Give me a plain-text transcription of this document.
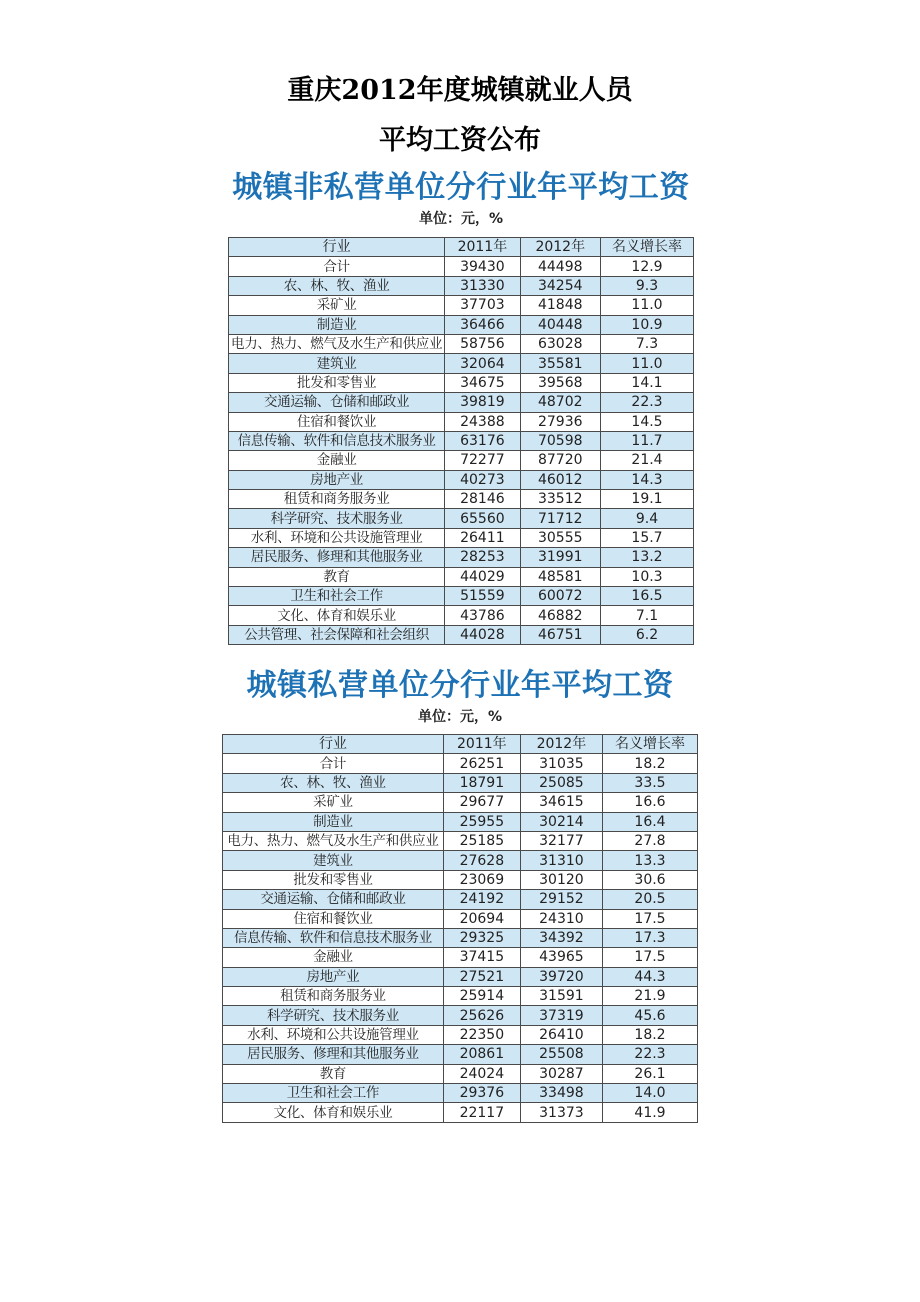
重庆2012年度城镇就业人员
平均工资公布
城镇非私营单位分行业年平均工资
单位：元，%
行业	2011年	2012年	名义增长率
合计	39430	44498	12.9
农、林、牧、渔业	31330	34254	9.3
采矿业	37703	41848	11.0
制造业	36466	40448	10.9
电力、热力、燃气及水生产和供应业	58756	63028	7.3
建筑业	32064	35581	11.0
批发和零售业	34675	39568	14.1
交通运输、仓储和邮政业	39819	48702	22.3
住宿和餐饮业	24388	27936	14.5
信息传输、软件和信息技术服务业	63176	70598	11.7
金融业	72277	87720	21.4
房地产业	40273	46012	14.3
租赁和商务服务业	28146	33512	19.1
科学研究、技术服务业	65560	71712	9.4
水利、环境和公共设施管理业	26411	30555	15.7
居民服务、修理和其他服务业	28253	31991	13.2
教育	44029	48581	10.3
卫生和社会工作	51559	60072	16.5
文化、体育和娱乐业	43786	46882	7.1
公共管理、社会保障和社会组织	44028	46751	6.2
城镇私营单位分行业年平均工资
单位：元，%
行业	2011年	2012年	名义增长率
合计	26251	31035	18.2
农、林、牧、渔业	18791	25085	33.5
采矿业	29677	34615	16.6
制造业	25955	30214	16.4
电力、热力、燃气及水生产和供应业	25185	32177	27.8
建筑业	27628	31310	13.3
批发和零售业	23069	30120	30.6
交通运输、仓储和邮政业	24192	29152	20.5
住宿和餐饮业	20694	24310	17.5
信息传输、软件和信息技术服务业	29325	34392	17.3
金融业	37415	43965	17.5
房地产业	27521	39720	44.3
租赁和商务服务业	25914	31591	21.9
科学研究、技术服务业	25626	37319	45.6
水利、环境和公共设施管理业	22350	26410	18.2
居民服务、修理和其他服务业	20861	25508	22.3
教育	24024	30287	26.1
卫生和社会工作	29376	33498	14.0
文化、体育和娱乐业	22117	31373	41.9
